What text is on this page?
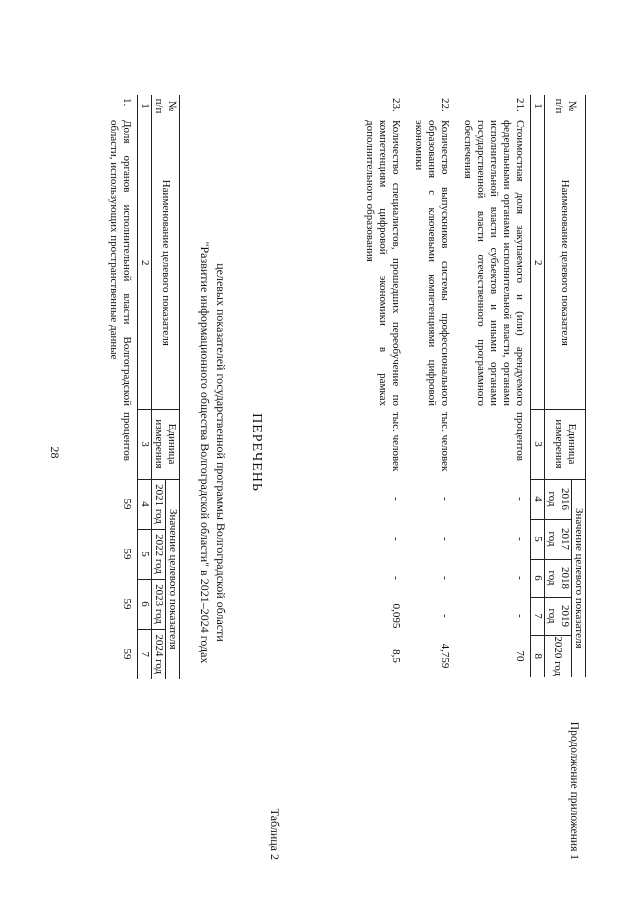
28
Продолжение приложения 1
№ п/п	Наименование целевого показателя	Единица измерения	Значение целевого показателя					
			2016 год	2017 год	2018 год	2019 год	2020 год	
1	2	3	4	5	6	7	8	
21.	Стоимостная доля закупаемого и (или) арендуемого федеральными органами исполнительной власти, органами исполнительной власти субъектов и иными органами государственной власти отечественного программного обеспечения	процентов	-	-	-	-	70	
22.	Количество выпускников системы профессионального образования с ключевыми компетенциями цифровой экономики	тыс. человек	-	-	-	-	4,759	
23.	Количество специалистов, прошедших переобучение по компетенциям цифровой экономики в рамках дополнительного образования	тыс. человек	-	-	-	0,095	8,5	
Таблица 2
ПЕРЕЧЕНЬ
целевых показателей государственной программы Волгоградской области
"Развитие информационного общества Волгоградской области" в 2021–2024 годах
№ п/п	Наименование целевого показателя	Единица измерения	Значение целевого показателя				
			2021 год	2022 год	2023 год	2024 год	
1	2	3	4	5	6	7	
1.	Доля органов исполнительной власти Волгоградской области, использующих пространственные данные	процентов	59	59	59	59	
